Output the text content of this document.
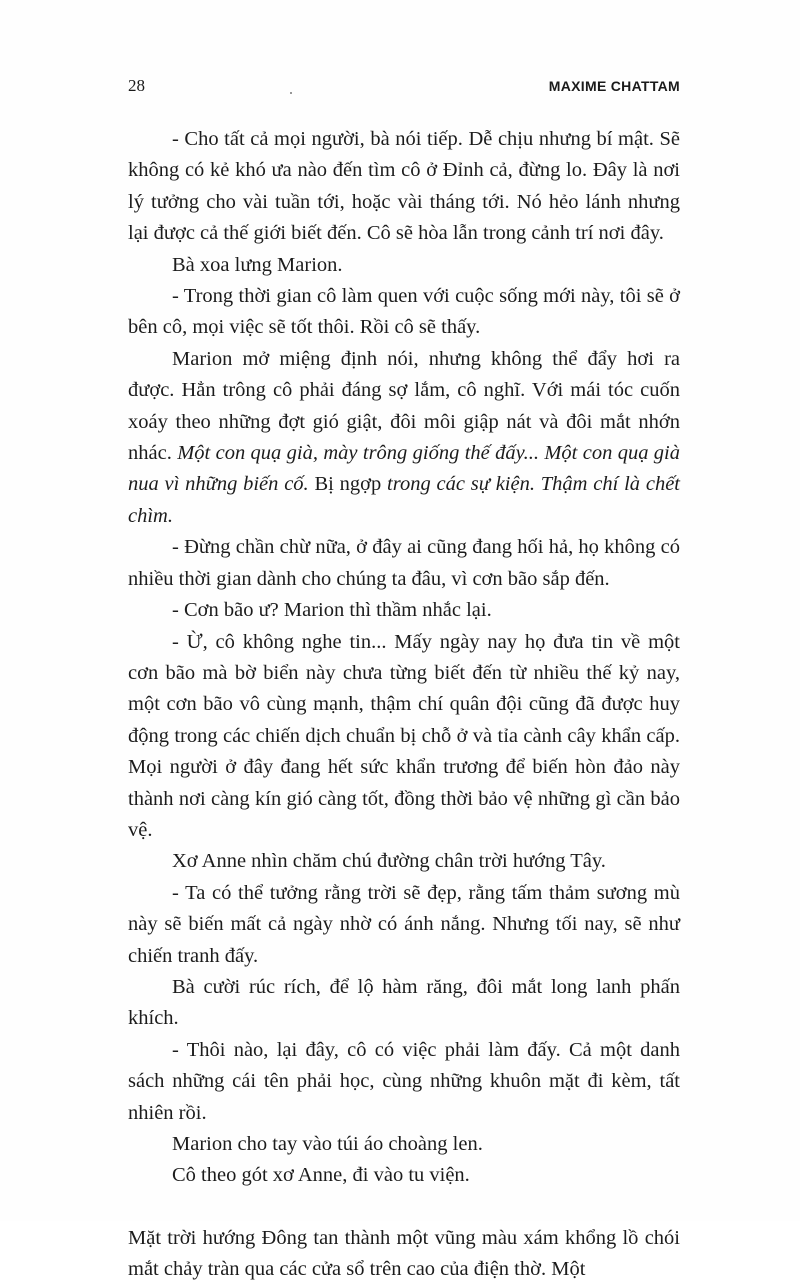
28	MAXIME CHATTAM

- Cho tất cả mọi người, bà nói tiếp. Dễ chịu nhưng bí mật. Sẽ không có kẻ khó ưa nào đến tìm cô ở Đỉnh cả, đừng lo. Đây là nơi lý tưởng cho vài tuần tới, hoặc vài tháng tới. Nó hẻo lánh nhưng lại được cả thế giới biết đến. Cô sẽ hòa lẫn trong cảnh trí nơi đây.

Bà xoa lưng Marion.

- Trong thời gian cô làm quen với cuộc sống mới này, tôi sẽ ở bên cô, mọi việc sẽ tốt thôi. Rồi cô sẽ thấy.

Marion mở miệng định nói, nhưng không thể đẩy hơi ra được. Hẳn trông cô phải đáng sợ lắm, cô nghĩ. Với mái tóc cuốn xoáy theo những đợt gió giật, đôi môi giập nát và đôi mắt nhớn nhác. Một con quạ già, mày trông giống thế đấy... Một con quạ già nua vì những biến cố. Bị ngợp trong các sự kiện. Thậm chí là chết chìm.

- Đừng chần chừ nữa, ở đây ai cũng đang hối hả, họ không có nhiều thời gian dành cho chúng ta đâu, vì cơn bão sắp đến.

- Cơn bão ư? Marion thì thầm nhắc lại.

- Ừ, cô không nghe tin... Mấy ngày nay họ đưa tin về một cơn bão mà bờ biển này chưa từng biết đến từ nhiều thế kỷ nay, một cơn bão vô cùng mạnh, thậm chí quân đội cũng đã được huy động trong các chiến dịch chuẩn bị chỗ ở và tỉa cành cây khẩn cấp. Mọi người ở đây đang hết sức khẩn trương để biến hòn đảo này thành nơi càng kín gió càng tốt, đồng thời bảo vệ những gì cần bảo vệ.

Xơ Anne nhìn chăm chú đường chân trời hướng Tây.

- Ta có thể tưởng rằng trời sẽ đẹp, rằng tấm thảm sương mù này sẽ biến mất cả ngày nhờ có ánh nắng. Nhưng tối nay, sẽ như chiến tranh đấy.

Bà cười rúc rích, để lộ hàm răng, đôi mắt long lanh phấn khích.

- Thôi nào, lại đây, cô có việc phải làm đấy. Cả một danh sách những cái tên phải học, cùng những khuôn mặt đi kèm, tất nhiên rồi.

Marion cho tay vào túi áo choàng len.

Cô theo gót xơ Anne, đi vào tu viện.

Mặt trời hướng Đông tan thành một vũng màu xám khổng lồ chói mắt chảy tràn qua các cửa sổ trên cao của điện thờ. Một
